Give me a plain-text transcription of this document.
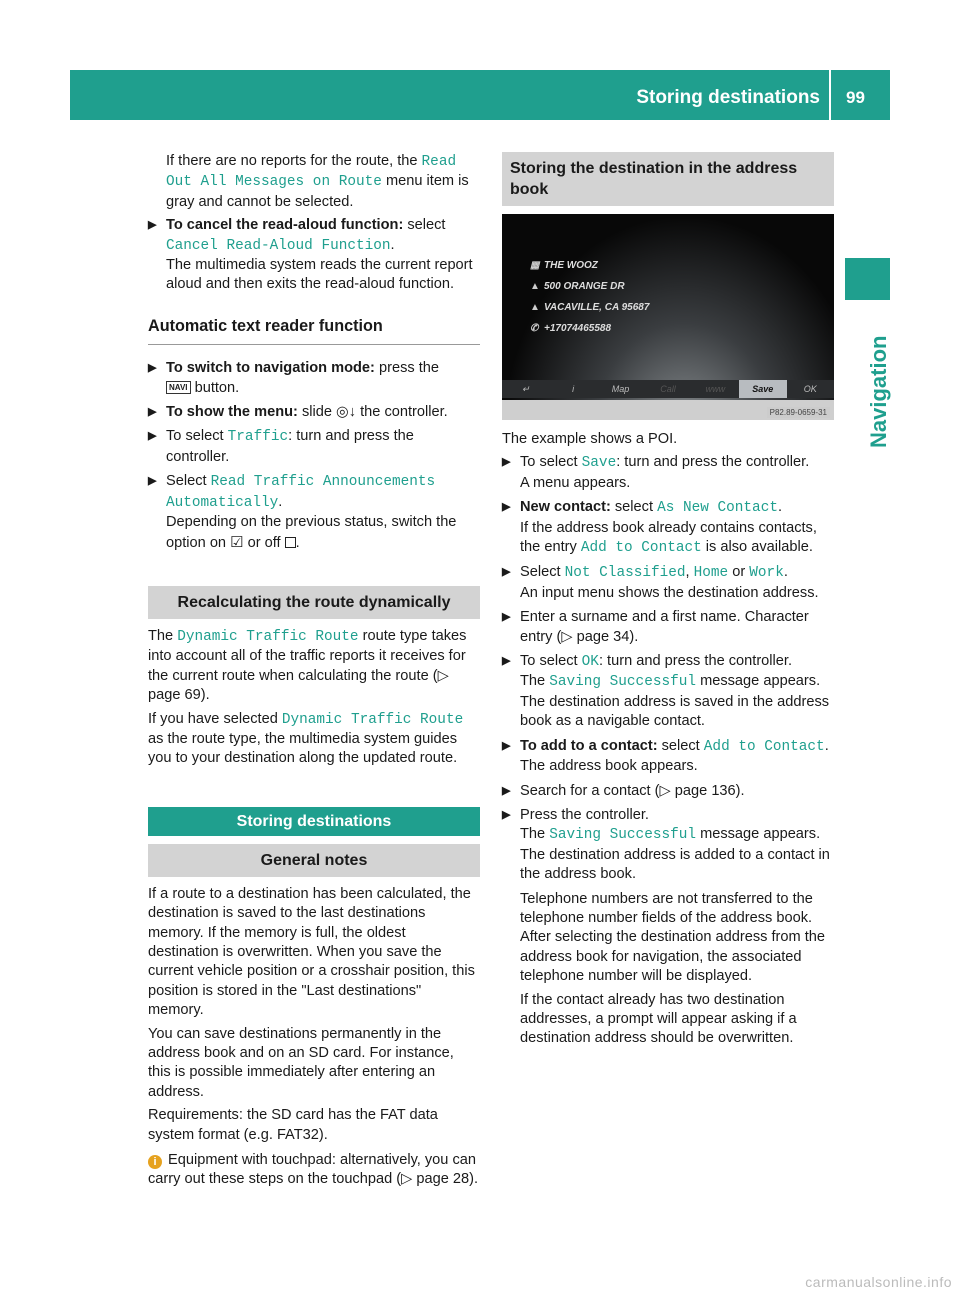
Storing destinations 99
Navigation

If there are no reports for the route, the Read Out All Messages on Route menu item is gray and cannot be selected.

▶ To cancel the read-aloud function: select
Cancel Read-Aloud Function.
The multimedia system reads the current report aloud and then exits the read-aloud function.
Automatic text reader function
▶ To switch to navigation mode: press the
NAVI button.
▶ To show the menu: slide ◎↓ the controller.
▶ To select Traffic: turn and press the controller.
▶ Select Read Traffic Announcements Automatically.
Depending on the previous status, switch the option on ☑ or off .
Recalculating the route dynamically

The Dynamic Traffic Route route type takes into account all of the traffic reports it receives for the current route when calculating the route (▷ page 69).

If you have selected Dynamic Traffic Route as the route type, the multimedia system guides you to your destination along the updated route.

Storing destinations
General notes

If a route to a destination has been calculated, the destination is saved to the last destinations memory. If the memory is full, the oldest destination is overwritten. When you save the current vehicle position or a crosshair position, this position is stored in the "Last destinations" memory.

You can save destinations permanently in the address book and on an SD card. For instance, this is possible immediately after entering an address.

Requirements: the SD card has the FAT data system format (e.g. FAT32).

i Equipment with touchpad: alternatively, you can carry out these steps on the touchpad (▷ page 28).

Storing the destination in the address book
▦ THE WOOZ
▲ 500 ORANGE DR
▲ VACAVILLE, CA 95687
✆ +17074465588
↵	i	Map	Call	www	Save	OK
P82.89-0659-31

The example shows a POI.

▶ To select Save: turn and press the controller.
A menu appears.
▶ New contact: select As New Contact.
If the address book already contains contacts, the entry Add to Contact is also available.
▶ Select Not Classified, Home or Work.
An input menu shows the destination address.
▶ Enter a surname and a first name. Character entry (▷ page 34).
▶ To select OK: turn and press the controller.
The Saving Successful message appears.
The destination address is saved in the address book as a navigable contact.
▶ To add to a contact: select Add to Contact.
The address book appears.
▶ Search for a contact (▷ page 136).
▶ Press the controller.
The Saving Successful message appears.
The destination address is added to a contact in the address book.

Telephone numbers are not transferred to the telephone number fields of the address book. After selecting the destination address from the address book for navigation, the associated telephone number will be displayed.

If the contact already has two destination addresses, a prompt will appear asking if a destination address should be overwritten.

carmanualsonline.info
